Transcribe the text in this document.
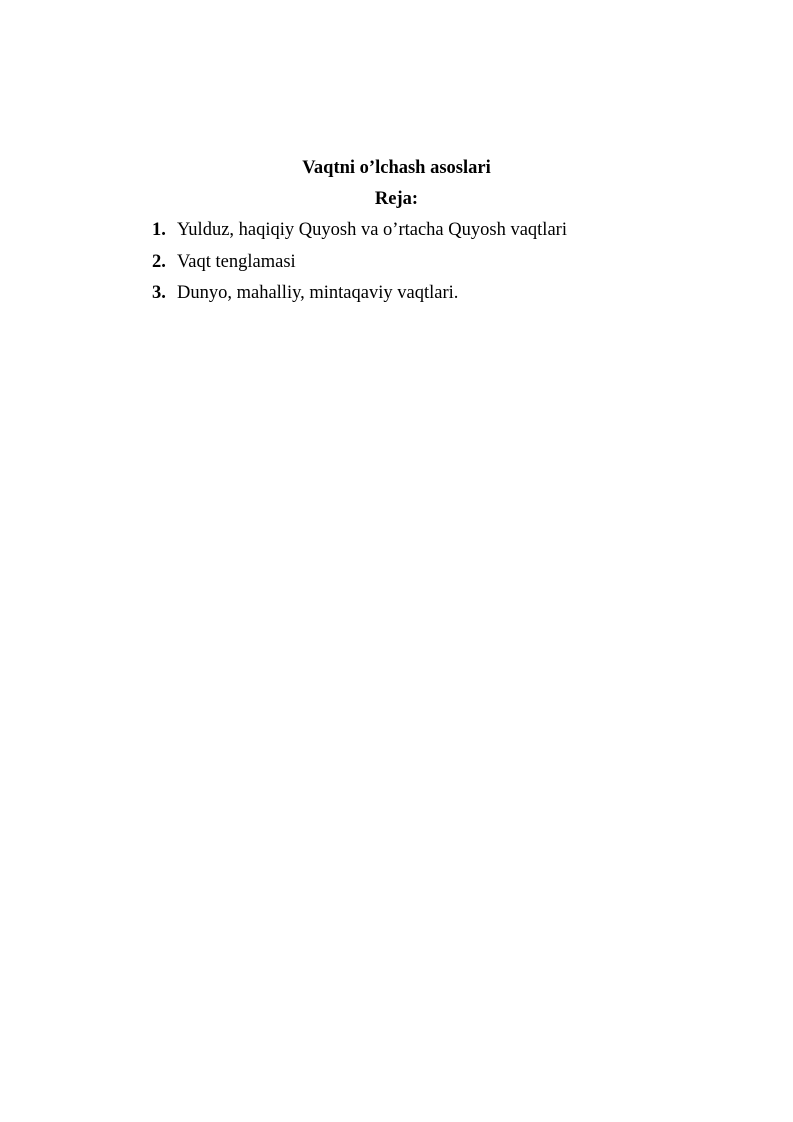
Vaqtni o’lchash asoslari
Reja:
1. Yulduz, haqiqiy Quyosh va o’rtacha Quyosh vaqtlari
2. Vaqt tenglamasi
3. Dunyo, mahalliy, mintaqaviy vaqtlari.
